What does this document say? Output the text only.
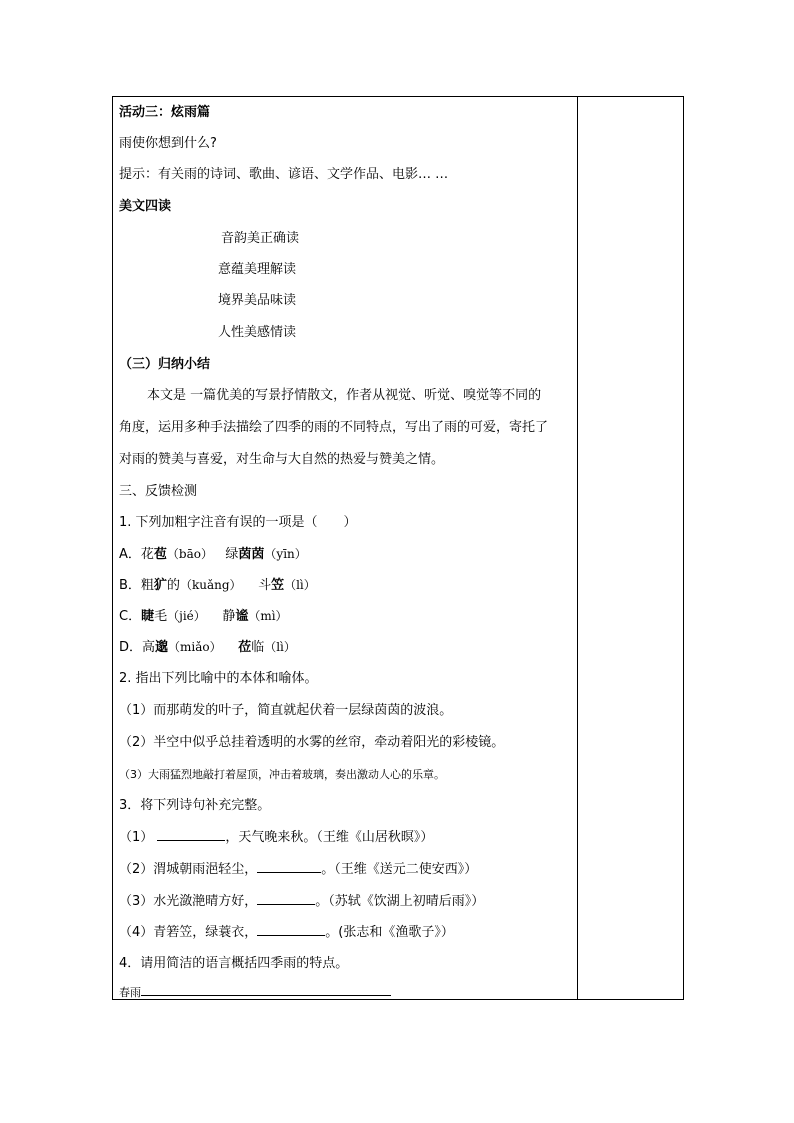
活动三：炫雨篇
雨使你想到什么?
提示：有关雨的诗词、歌曲、谚语、文学作品、电影… …
美文四读
音韵美正确读
意蕴美理解读
境界美品味读
人性美感情读
（三）归纳小结
本文是 一篇优美的写景抒情散文，作者从视觉、听觉、嗅觉等不同的
角度，运用多种手法描绘了四季的雨的不同特点，写出了雨的可爱，寄托了
对雨的赞美与喜爱，对生命与大自然的热爱与赞美之情。
三、反馈检测
1. 下列加粗字注音有误的一项是（　　）
A．花苞（bāo） 绿茵茵（yīn）
B．粗犷的（kuǎng） 斗笠（lì）
C．睫毛（jié） 静谧（mì）
D．高邈（miǎo） 莅临（lì）
2. 指出下列比喻中的本体和喻体。
（1）而那萌发的叶子，简直就起伏着一层绿茵茵的波浪。
（2）半空中似乎总挂着透明的水雾的丝帘，牵动着阳光的彩棱镜。
（3）大雨猛烈地敲打着屋顶，冲击着玻璃，奏出激动人心的乐章。
3．将下列诗句补充完整。
（1）	，天气晚来秋。（王维《山居秋暝》）
（2）渭城朝雨浥轻尘，	。（王维《送元二使安西》）
（3）水光潋滟晴方好，	。（苏轼《饮湖上初晴后雨》）
（4）青箬笠，绿蓑衣，	。(张志和《渔歌子》）
4．请用简洁的语言概括四季雨的特点。
春雨
